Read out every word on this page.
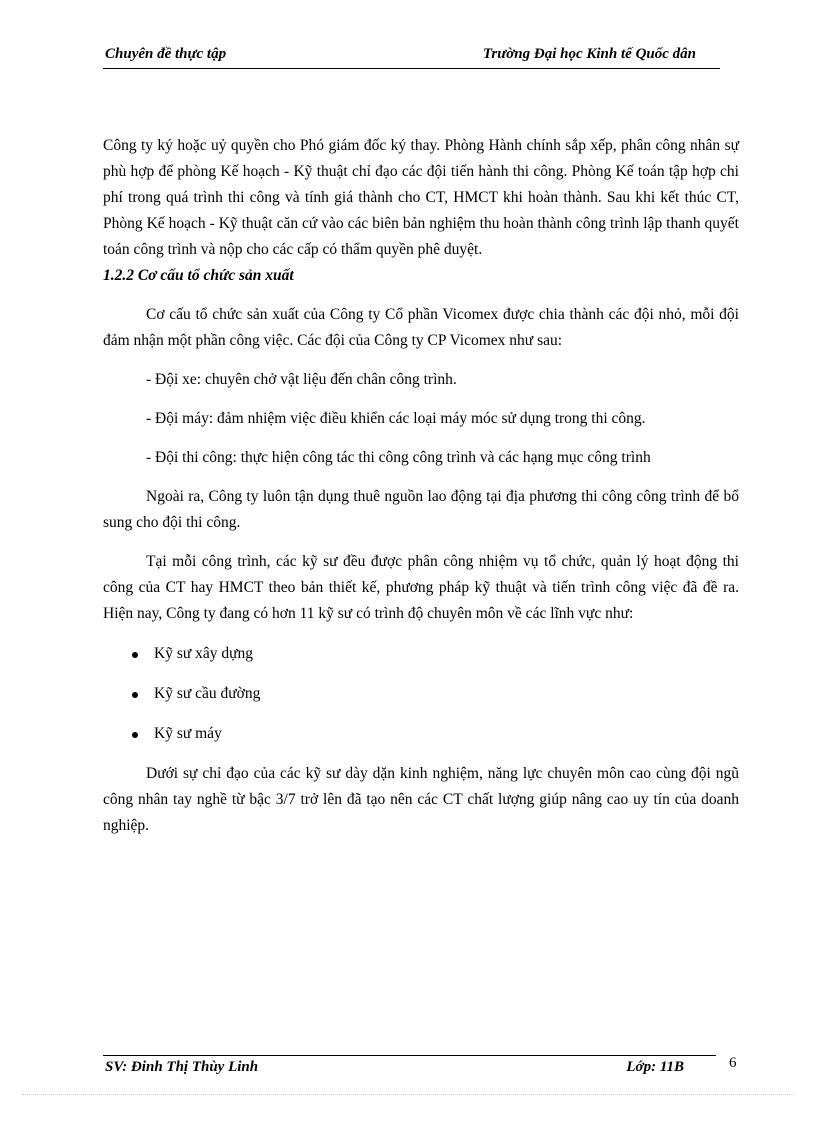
Chuyên đề thực tập	Trường Đại học Kinh tế Quốc dân

Công ty ký hoặc uỷ quyền cho Phó giám đốc ký thay. Phòng Hành chính sắp xếp, phân công nhân sự phù hợp để phòng Kế hoạch - Kỹ thuật chỉ đạo các đội tiến hành thi công. Phòng Kế toán tập hợp chi phí trong quá trình thi công và tính giá thành cho CT, HMCT khi hoàn thành. Sau khi kết thúc CT, Phòng Kế hoạch - Kỹ thuật căn cứ vào các biên bản nghiệm thu hoàn thành công trình lập thanh quyết toán công trình và nộp cho các cấp có thẩm quyền phê duyệt.

1.2.2 Cơ cấu tổ chức sản xuất

Cơ cấu tổ chức sản xuất của Công ty Cổ phần Vicomex được chia thành các đội nhỏ, mỗi đội đảm nhận một phần công việc. Các đội của Công ty CP Vicomex như sau:

- Đội xe: chuyên chở vật liệu đến chân công trình.

- Đội máy: đảm nhiệm việc điều khiển các loại máy móc sử dụng trong thi công.

- Đội thi công: thực hiện công tác thi công công trình và các hạng mục công trình

Ngoài ra, Công ty luôn tận dụng thuê nguồn lao động tại địa phương thi công công trình để bổ sung cho đội thi công.

Tại mỗi công trình, các kỹ sư đều được phân công nhiệm vụ tổ chức, quản lý hoạt động thi công của CT hay HMCT theo bản thiết kế, phương pháp kỹ thuật và tiến trình công việc đã đề ra. Hiện nay, Công ty đang có hơn 11 kỹ sư có trình độ chuyên môn về các lĩnh vực như:

Kỹ sư xây dựng
Kỹ sư cầu đường
Kỹ sư máy

Dưới sự chỉ đạo của các kỹ sư dày dặn kinh nghiệm, năng lực chuyên môn cao cùng đội ngũ công nhân tay nghề từ bậc 3/7 trở lên đã tạo nên các CT chất lượng giúp nâng cao uy tín của doanh nghiệp.

SV: Đinh Thị Thùy Linh	Lớp: 11B	6
